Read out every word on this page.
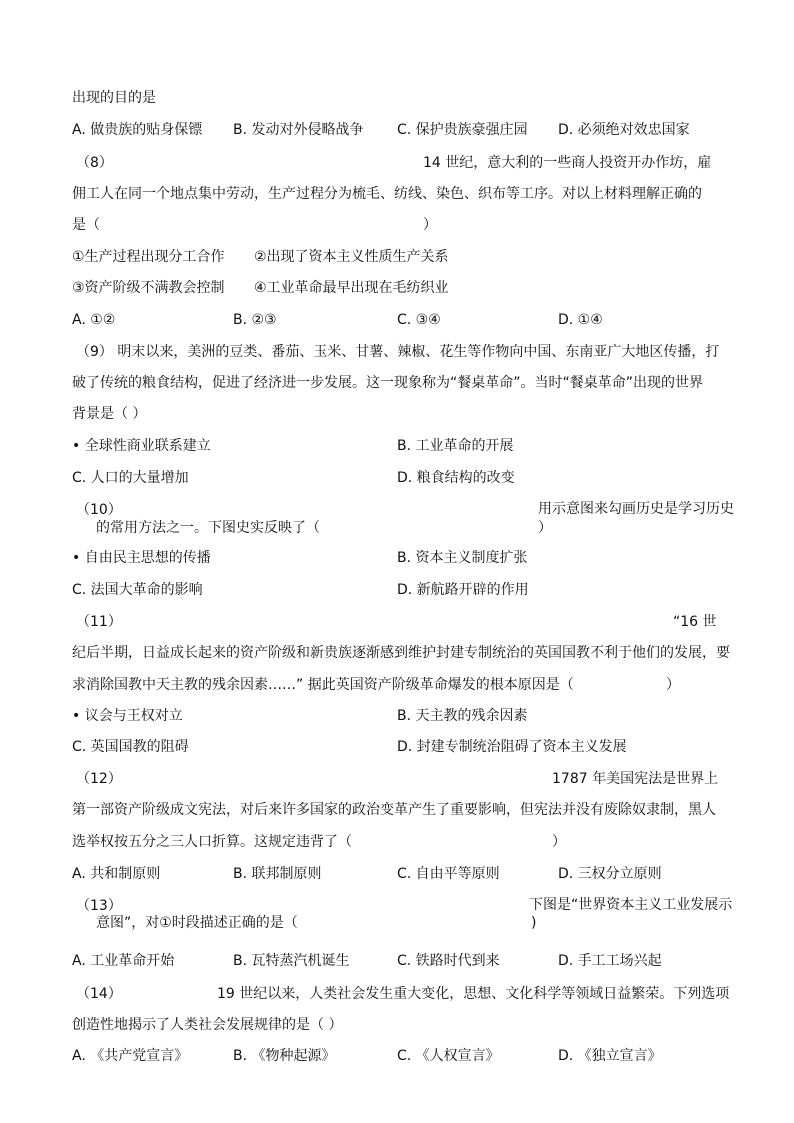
出现的目的是
A. 做贵族的贴身保镖 B. 发动对外侵略战争 C. 保护贵族豪强庄园 D. 必须绝对效忠国家
（8）	14 世纪，意大利的一些商人投资开办作坊，雇
佣工人在同一个地点集中劳动，生产过程分为梳毛、纺线、染色、织布等工序。对以上材料理解正确的
是（	）
①生产过程出现分工合作 ②出现了资本主义性质生产关系
③资产阶级不满教会控制 ④工业革命最早出现在毛纺织业
A. ①②	B. ②③	C. ③④	D. ①④
（9） 明末以来，美洲的豆类、番茄、玉米、甘薯、辣椒、花生等作物向中国、东南亚广大地区传播，打
破了传统的粮食结构，促进了经济进一步发展。这一现象称为“餐桌革命”。当时“餐桌革命”出现的世界
背景是（ ）
• 全球性商业联系建立	B. 工业革命的开展
C. 人口的大量增加	D. 粮食结构的改变
（10）	用示意图来勾画历史是学习历史
的常用方法之一。下图史实反映了（	）
• 自由民主思想的传播	B. 资本主义制度扩张
C. 法国大革命的影响	D. 新航路开辟的作用
（11）	“16 世
纪后半期，日益成长起来的资产阶级和新贵族逐渐感到维护封建专制统治的英国国教不利于他们的发展，要
求消除国教中天主教的残余因素……” 据此英国资产阶级革命爆发的根本原因是（	）
• 议会与王权对立	B. 天主教的残余因素
C. 英国国教的阻碍	D. 封建专制统治阻碍了资本主义发展
（12）	1787 年美国宪法是世界上
第一部资产阶级成文宪法，对后来许多国家的政治变革产生了重要影响，但宪法并没有废除奴隶制，黑人
选举权按五分之三人口折算。这规定违背了（	）
A. 共和制原则	B. 联邦制原则	C. 自由平等原则	D. 三权分立原则
（13）	下图是“世界资本主义工业发展示
意图”，对①时段描述正确的是（	)
A. 工业革命开始	B. 瓦特蒸汽机诞生	C. 铁路时代到来	D. 手工工场兴起
（14）	19 世纪以来，人类社会发生重大变化，思想、文化科学等领域日益繁荣。下列选项
创造性地揭示了人类社会发展规律的是（ ）
A. 《共产党宣言》	B. 《物种起源》	C. 《人权宣言》	D. 《独立宣言》
